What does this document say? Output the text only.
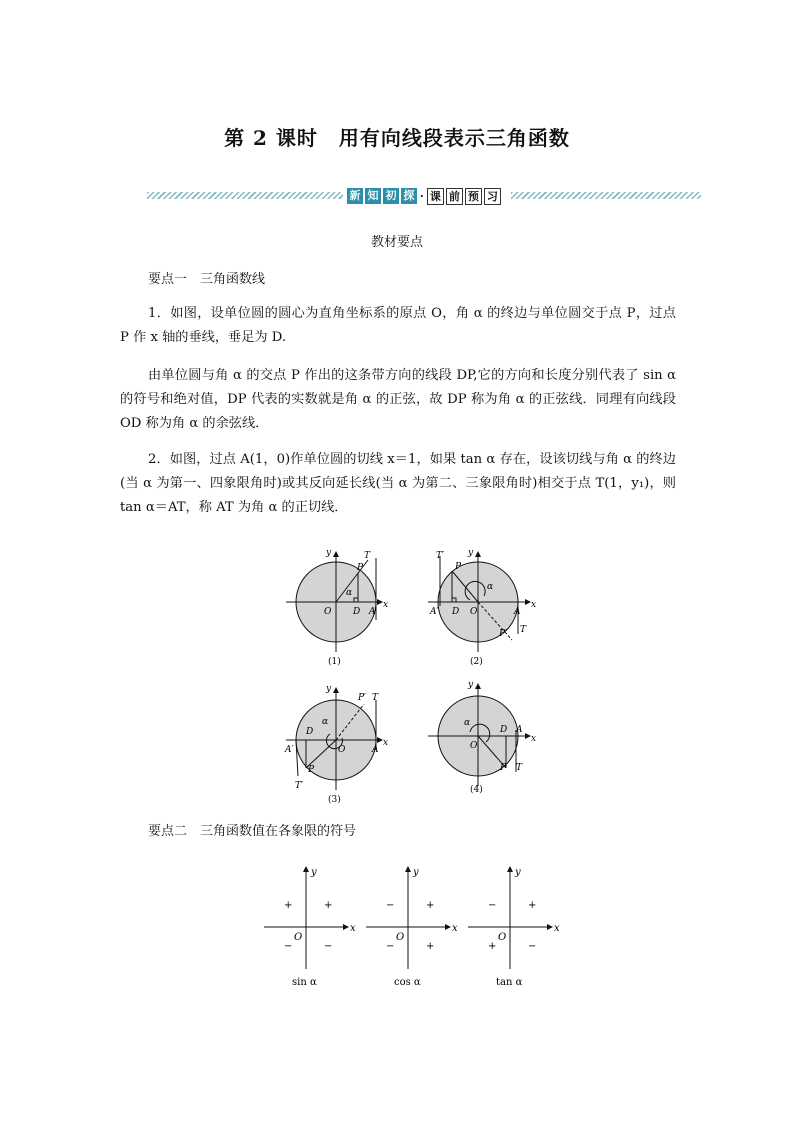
第 2 课时　用有向线段表示三角函数
新 知 初 探 · 课 前 预 习
教材要点
要点一　三角函数线

1．如图，设单位圆的圆心为直角坐标系的原点 O，角 α 的终边与单位圆交于点 P，过点 P 作 x 轴的垂线，垂足为 D.

由单位圆与角 α 的交点 P 作出的这条带方向的线段 DP,它的方向和长度分别代表了 sin α 的符号和绝对值，DP 代表的实数就是角 α 的正弦，故 DP 称为角 α 的正弦线．同理有向线段 OD 称为角 α 的余弦线．

2．如图，过点 A(1，0)作单位圆的切线 x＝1，如果 tan α 存在，设该切线与角 α 的终边(当 α 为第一、四象限角时)或其反向延长线(当 α 为第二、三象限角时)相交于点 T(1，y₁)，则 tan α＝AT，称 AT 为角 α 的正切线．

x
y
O
α
P
T
D A
(1)
x
y
O
α
T′
P
A′ D	A
P′ T
(2)
x
y
O
α
P′ T
D
A′	A
P
T′
(3)
x
y
O
α
D A
P T
(4)
要点二　三角函数值在各象限的符号
x
y
O
+
+
−	−
sin α
x
y
O
+
−
−	+
cos α
x
y
O
+
−
+	−
tan α
